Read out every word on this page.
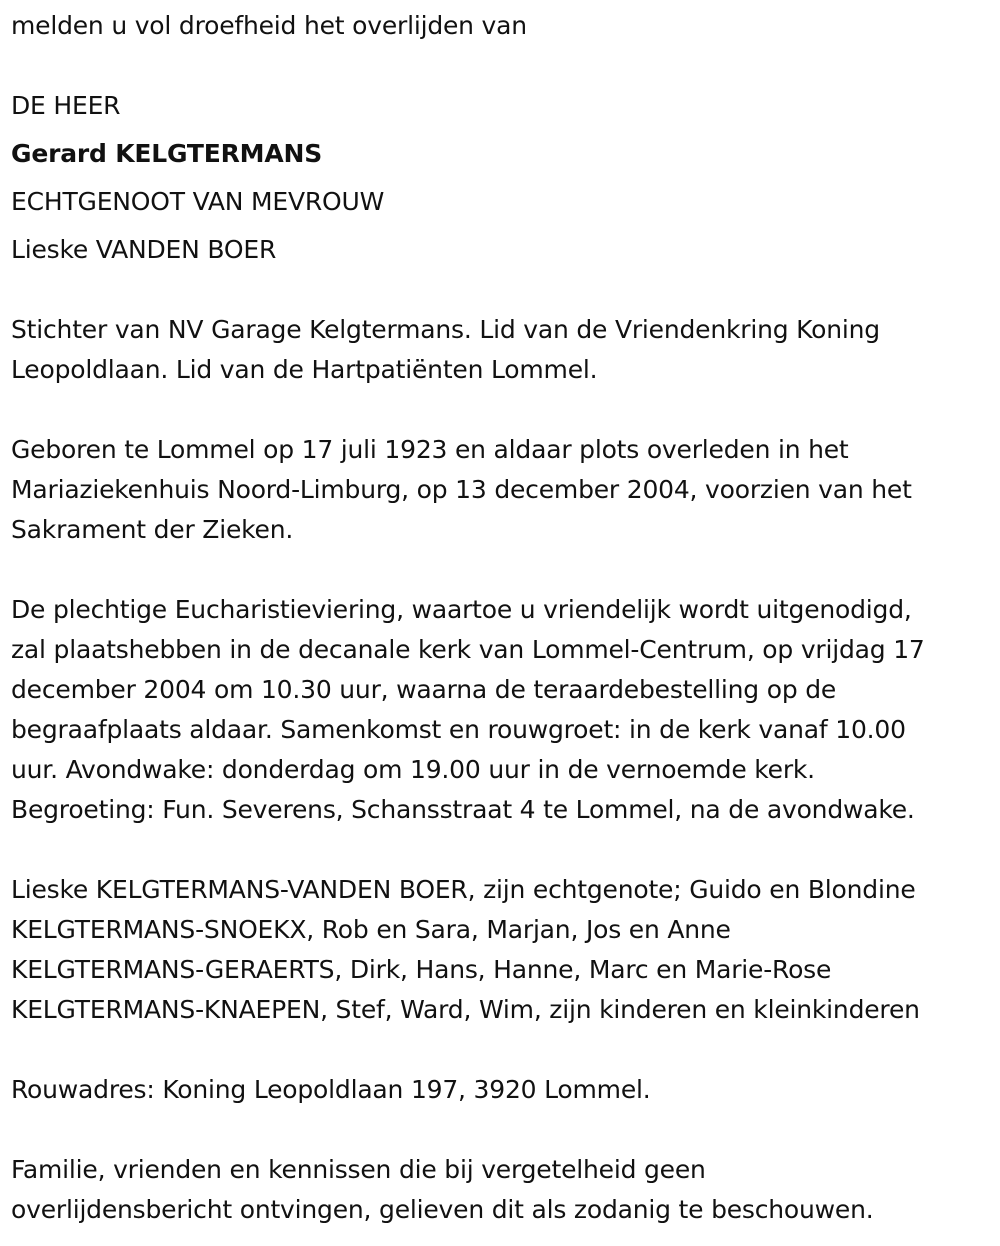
melden u vol droefheid het overlijden van
DE HEER
Gerard KELGTERMANS
ECHTGENOOT VAN MEVROUW
Lieske VANDEN BOER
Stichter van NV Garage Kelgtermans. Lid van de Vriendenkring Koning
Leopoldlaan. Lid van de Hartpatiënten Lommel.
Geboren te Lommel op 17 juli 1923 en aldaar plots overleden in het
Mariaziekenhuis Noord-Limburg, op 13 december 2004, voorzien van het
Sakrament der Zieken.
De plechtige Eucharistieviering, waartoe u vriendelijk wordt uitgenodigd,
zal plaatshebben in de decanale kerk van Lommel-Centrum, op vrijdag 17
december 2004 om 10.30 uur, waarna de teraardebestelling op de
begraafplaats aldaar. Samenkomst en rouwgroet: in de kerk vanaf 10.00
uur. Avondwake: donderdag om 19.00 uur in de vernoemde kerk.
Begroeting: Fun. Severens, Schansstraat 4 te Lommel, na de avondwake.
Lieske KELGTERMANS-VANDEN BOER, zijn echtgenote; Guido en Blondine
KELGTERMANS-SNOEKX, Rob en Sara, Marjan, Jos en Anne
KELGTERMANS-GERAERTS, Dirk, Hans, Hanne, Marc en Marie-Rose
KELGTERMANS-KNAEPEN, Stef, Ward, Wim, zijn kinderen en kleinkinderen
Rouwadres: Koning Leopoldlaan 197, 3920 Lommel.
Familie, vrienden en kennissen die bij vergetelheid geen
overlijdensbericht ontvingen, gelieven dit als zodanig te beschouwen.
